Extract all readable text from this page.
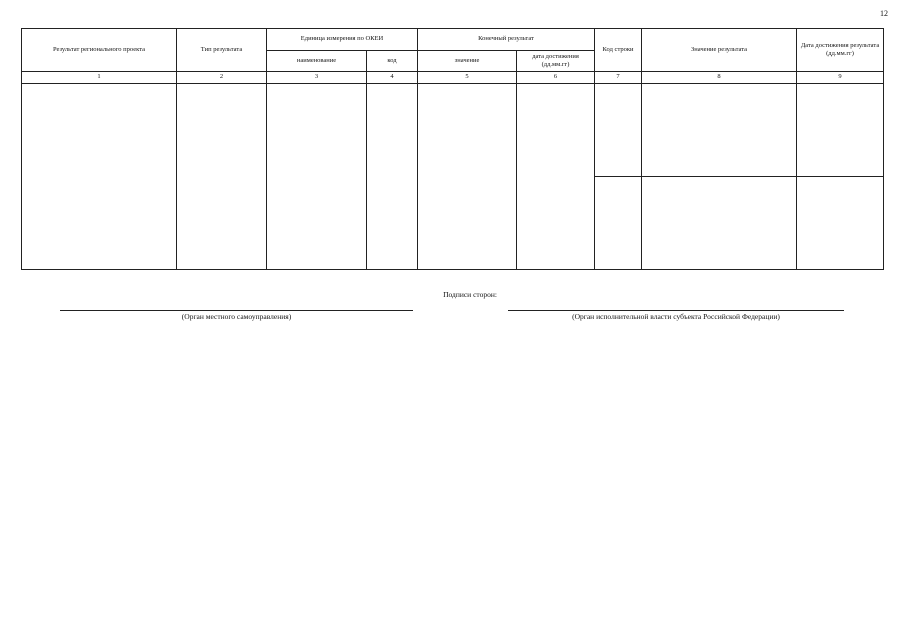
12
Результат регионального проекта	Тип результата	Единица измерения по ОКЕИ		Конечный результат		Код строки	Значение результата	Дата достижения результата (дд.мм.гг)
		наименование	код	значение	дата достижения (дд.мм.гг)			
1	2	3	4	5	6	7	8	9

Подписи сторон:
(Орган местного самоуправления)	(Орган исполнительной власти субъекта Российской Федерации)
